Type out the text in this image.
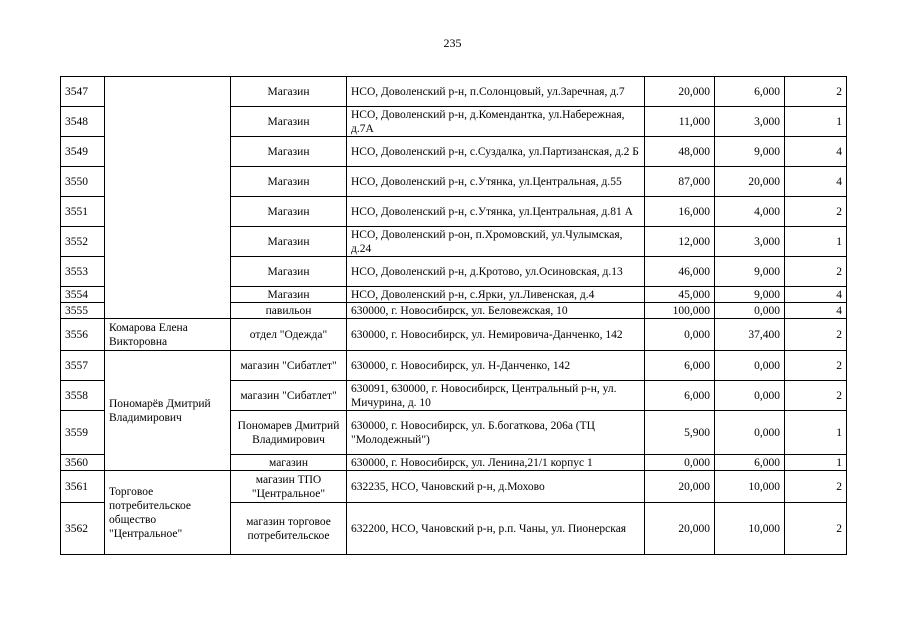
235
3547		Магазин	НСО, Доволенский р-н, п.Солонцовый, ул.Заречная, д.7	20,000	6,000	2
3548		Магазин	НСО, Доволенский р-н, д.Комендантка, ул.Набережная, д.7А	11,000	3,000	1
3549		Магазин	НСО, Доволенский р-н, с.Суздалка, ул.Партизанская, д.2 Б	48,000	9,000	4
3550		Магазин	НСО, Доволенский р-н, с.Утянка, ул.Центральная, д.55	87,000	20,000	4
3551		Магазин	НСО, Доволенский р-н, с.Утянка, ул.Центральная, д.81 А	16,000	4,000	2
3552		Магазин	НСО, Доволенский р-он, п.Хромовский, ул.Чулымская, д.24	12,000	3,000	1
3553		Магазин	НСО, Доволенский р-н, д.Кротово, ул.Осиновская, д.13	46,000	9,000	2
3554		Магазин	НСО, Доволенский р-н, с.Ярки, ул.Ливенская, д.4	45,000	9,000	4
3555		павильон	630000, г. Новосибирск, ул. Беловежская, 10	100,000	0,000	4
3556	Комарова Елена Викторовна	отдел "Одежда"	630000, г. Новосибирск, ул. Немировича-Данченко, 142	0,000	37,400	2
3557	Пономарёв Дмитрий Владимирович	магазин "Сибатлет"	630000, г. Новосибирск, ул. Н-Данченко, 142	6,000	0,000	2
3558		магазин "Сибатлет"	630091, 630000, г. Новосибирск, Центральный р-н, ул. Мичурина, д. 10	6,000	0,000	2
3559		Пономарев Дмитрий Владимирович	630000, г. Новосибирск, ул. Б.богаткова, 206а (ТЦ "Молодежный")	5,900	0,000	1
3560		магазин	630000, г. Новосибирск, ул. Ленина,21/1 корпус 1	0,000	6,000	1
3561	Торговое потребительское общество "Центральное"	магазин ТПО "Центральное"	632235, НСО, Чановский р-н, д.Мохово	20,000	10,000	2
3562		магазин торговое потребительское	632200, НСО, Чановский р-н, р.п. Чаны, ул. Пионерская	20,000	10,000	2
